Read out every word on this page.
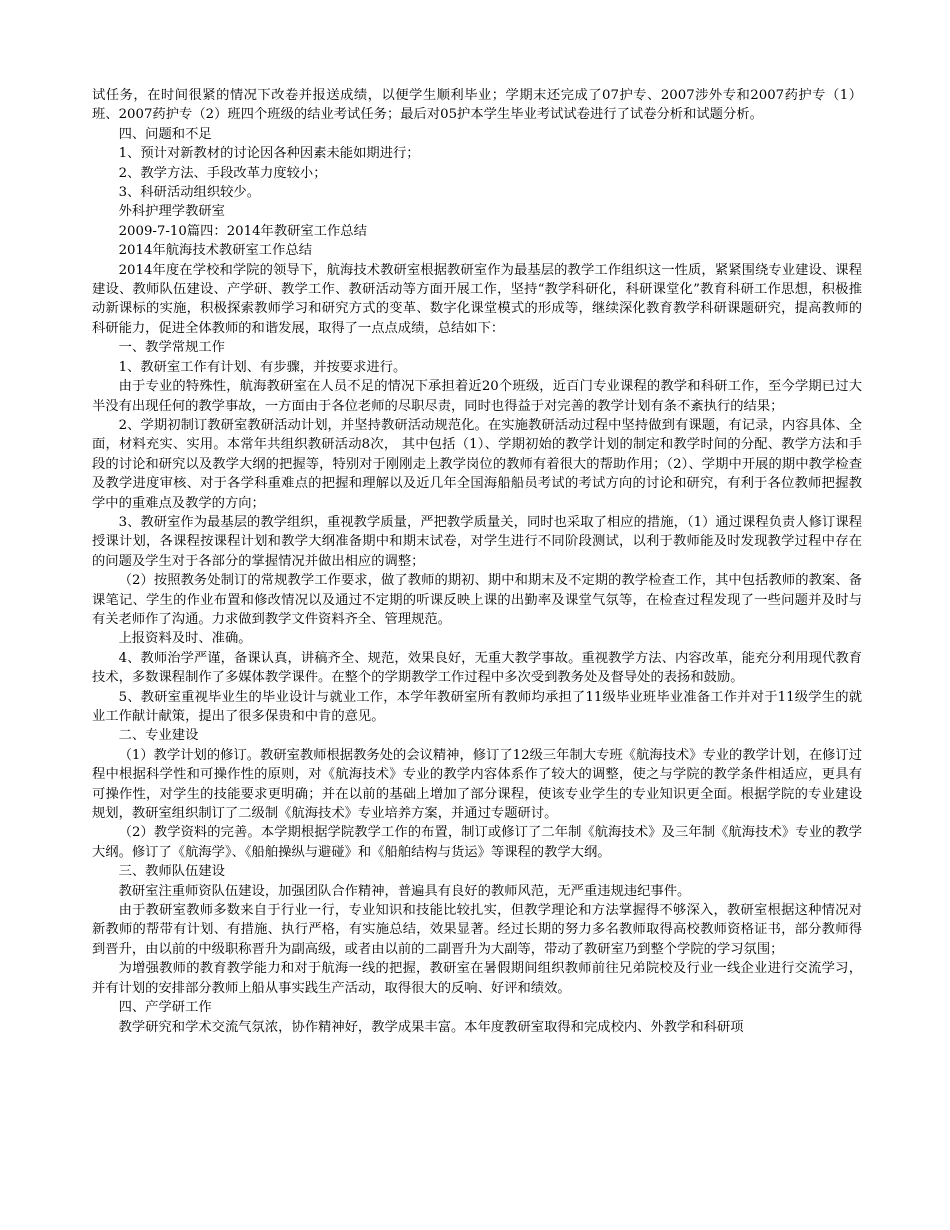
试任务，在时间很紧的情况下改卷并报送成绩，以便学生顺利毕业；学期末还完成了07护专、2007涉外专和2007药护专（1）班、2007药护专（2）班四个班级的结业考试任务；最后对05护本学生毕业考试试卷进行了试卷分析和试题分析。

四、问题和不足

1、预计对新教材的讨论因各种因素未能如期进行；

2、教学方法、手段改革力度较小；

3、科研活动组织较少。

外科护理学教研室

2009-7-10篇四：2014年教研室工作总结

2014年航海技术教研室工作总结

2014年度在学校和学院的领导下，航海技术教研室根据教研室作为最基层的教学工作组织这一性质，紧紧围绕专业建设、课程建设、教师队伍建设、产学研、教学工作、教研活动等方面开展工作，坚持“教学科研化，科研课堂化”教育科研工作思想，积极推动新课标的实施，积极探索教师学习和研究方式的变革、数字化课堂模式的形成等，继续深化教育教学科研课题研究，提高教师的科研能力，促进全体教师的和谐发展，取得了一点点成绩，总结如下：

一、教学常规工作

1、教研室工作有计划、有步骤，并按要求进行。

由于专业的特殊性，航海教研室在人员不足的情况下承担着近20个班级，近百门专业课程的教学和科研工作，至今学期已过大半没有出现任何的教学事故，一方面由于各位老师的尽职尽责，同时也得益于对完善的教学计划有条不紊执行的结果；

2、学期初制订教研室教研活动计划，并坚持教研活动规范化。在实施教研活动过程中坚持做到有课题，有记录，内容具体、全面，材料充实、实用。本常年共组织教研活动8次， 其中包括（1）、学期初始的教学计划的制定和教学时间的分配、教学方法和手段的讨论和研究以及教学大纲的把握等，特别对于刚刚走上教学岗位的教师有着很大的帮助作用；（2）、学期中开展的期中教学检查及教学进度审核、对于各学科重难点的把握和理解以及近几年全国海船船员考试的考试方向的讨论和研究，有利于各位教师把握教学中的重难点及教学的方向；

3、教研室作为最基层的教学组织，重视教学质量，严把教学质量关，同时也采取了相应的措施，（1）通过课程负责人修订课程授课计划，各课程按课程计划和教学大纲准备期中和期末试卷，对学生进行不同阶段测试，以利于教师能及时发现教学过程中存在的问题及学生对于各部分的掌握情况并做出相应的调整；

（2）按照教务处制订的常规教学工作要求，做了教师的期初、期中和期末及不定期的教学检查工作，其中包括教师的教案、备课笔记、学生的作业布置和修改情况以及通过不定期的听课反映上课的出勤率及课堂气氛等，在检查过程发现了一些问题并及时与有关老师作了沟通。力求做到教学文件资料齐全、管理规范。

上报资料及时、准确。

4、教师治学严谨，备课认真，讲稿齐全、规范，效果良好，无重大教学事故。重视教学方法、内容改革，能充分利用现代教育技术，多数课程制作了多媒体教学课件。在整个的学期教学工作过程中多次受到教务处及督导处的表扬和鼓励。

5、教研室重视毕业生的毕业设计与就业工作，本学年教研室所有教师均承担了11级毕业班毕业准备工作并对于11级学生的就业工作献计献策，提出了很多保贵和中肯的意见。

二、专业建设

（1）教学计划的修订。教研室教师根据教务处的会议精神，修订了12级三年制大专班《航海技术》专业的教学计划，在修订过程中根据科学性和可操作性的原则，对《航海技术》专业的教学内容体系作了较大的调整，使之与学院的教学条件相适应，更具有可操作性，对学生的技能要求更明确；并在以前的基础上增加了部分课程，使该专业学生的专业知识更全面。根据学院的专业建设规划，教研室组织制订了二级制《航海技术》专业培养方案，并通过专题研讨。

（2）教学资料的完善。本学期根据学院教学工作的布置，制订或修订了二年制《航海技术》及三年制《航海技术》专业的教学大纲。修订了《航海学》、《船舶操纵与避碰》和《船舶结构与货运》等课程的教学大纲。

三、教师队伍建设

教研室注重师资队伍建设，加强团队合作精神，普遍具有良好的教师风范，无严重违规违纪事件。

由于教研室教师多数来自于行业一行，专业知识和技能比较扎实，但教学理论和方法掌握得不够深入，教研室根据这种情况对新教师的帮带有计划、有措施、执行严格，有实施总结，效果显著。经过长期的努力多名教师取得高校教师资格证书，部分教师得到晋升，由以前的中级职称晋升为副高级，或者由以前的二副晋升为大副等，带动了教研室乃到整个学院的学习氛围；

为增强教师的教育教学能力和对于航海一线的把握，教研室在暑假期间组织教师前往兄弟院校及行业一线企业进行交流学习，并有计划的安排部分教师上船从事实践生产活动，取得很大的反响、好评和绩效。

四、产学研工作

教学研究和学术交流气氛浓，协作精神好，教学成果丰富。本年度教研室取得和完成校内、外教学和科研项
